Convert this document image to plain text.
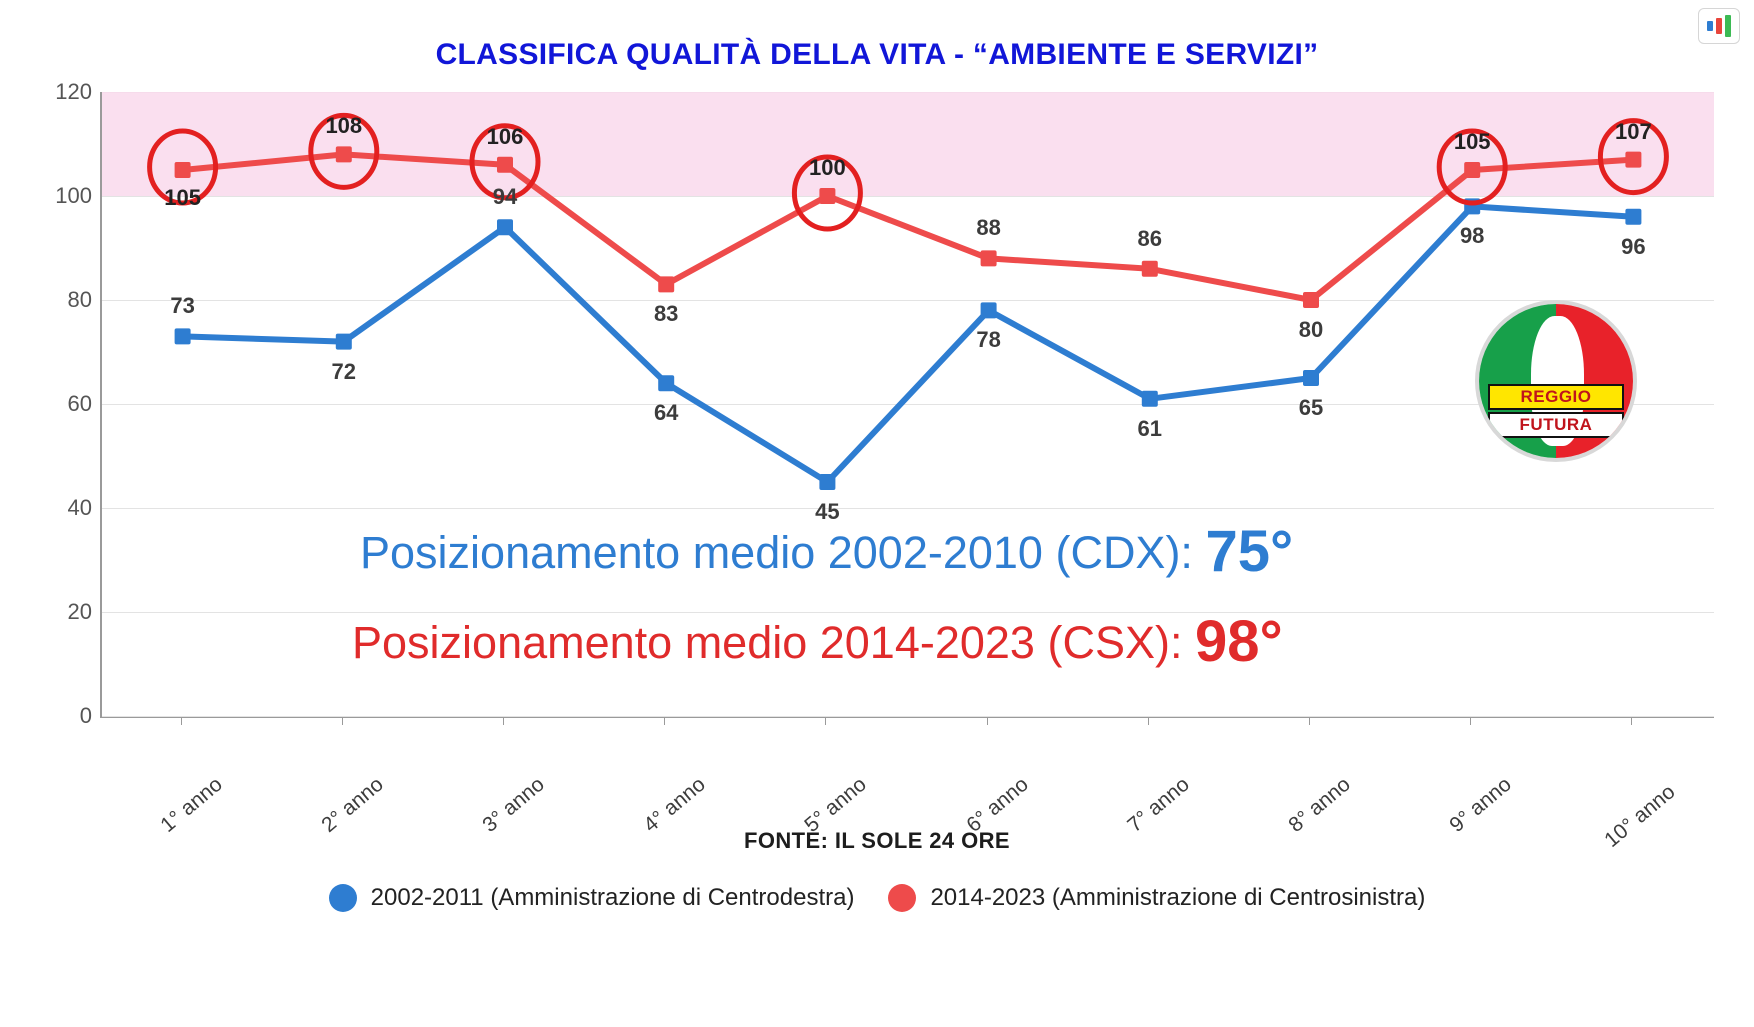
CLASSIFICA QUALITÀ DELLA VITA - “AMBIENTE E SERVIZI”
0
20
40
60
80
100
120
73
72
94
64
45
78
61
65
98	96
105
108	106
83
100
88	86
80
105	107
1° anno	2° anno	3° anno	4° anno	5° anno	6° anno	7° anno	8° anno	9° anno	10° anno
Posizionamento medio 2002-2010 (CDX): 75°
Posizionamento medio 2014-2023 (CSX): 98°
REGGIO
FUTURA
FONTE: IL SOLE 24 ORE
2002-2011 (Amministrazione di Centrodestra)	2014-2023 (Amministrazione di Centrosinistra)
